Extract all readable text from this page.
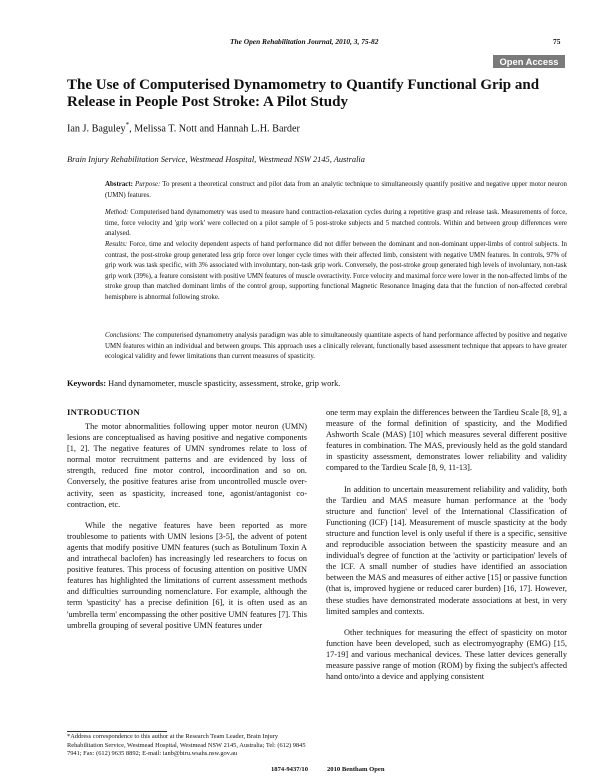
The Open Rehabilitation Journal, 2010, 3, 75-82	75
Open Access
The Use of Computerised Dynamometry to Quantify Functional Grip and Release in People Post Stroke: A Pilot Study
Ian J. Baguley*, Melissa T. Nott and Hannah L.H. Barder
Brain Injury Rehabilitation Service, Westmead Hospital, Westmead NSW 2145, Australia
Abstract: Purpose: To present a theoretical construct and pilot data from an analytic technique to simultaneously quantify positive and negative upper motor neuron (UMN) features.
Method: Computerised hand dynamometry was used to measure hand contraction-relaxation cycles during a repetitive grasp and release task. Measurements of force, time, force velocity and 'grip work' were collected on a pilot sample of 5 post-stroke subjects and 5 matched controls. Within and between group differences were analysed.
Results: Force, time and velocity dependent aspects of hand performance did not differ between the dominant and non-dominant upper-limbs of control subjects. In contrast, the post-stroke group generated less grip force over longer cycle times with their affected limb, consistent with negative UMN features. In controls, 97% of grip work was task specific, with 3% associated with involuntary, non-task grip work. Conversely, the post-stroke group generated high levels of involuntary, non-task grip work (39%), a feature consistent with positive UMN features of muscle overactivity. Force velocity and maximal force were lower in the non-affected limbs of the stroke group than matched dominant limbs of the control group, supporting functional Magnetic Resonance Imaging data that the function of non-affected cerebral hemisphere is abnormal following stroke.
Conclusions: The computerised dynamometry analysis paradigm was able to simultaneously quantitate aspects of hand performance affected by positive and negative UMN features within an individual and between groups. This approach uses a clinically relevant, functionally based assessment technique that appears to have greater ecological validity and fewer limitations than current measures of spasticity.
Keywords: Hand dynamometer, muscle spasticity, assessment, stroke, grip work.
INTRODUCTION

The motor abnormalities following upper motor neuron (UMN) lesions are conceptualised as having positive and negative components [1, 2]. The negative features of UMN syndromes relate to loss of normal motor recruitment patterns and are evidenced by loss of strength, reduced fine motor control, incoordination and so on. Conversely, the positive features arise from uncontrolled muscle over-activity, seen as spasticity, increased tone, agonist/antagonist co-contraction, etc.

While the negative features have been reported as more troublesome to patients with UMN lesions [3-5], the advent of potent agents that modify positive UMN features (such as Botulinum Toxin A and intrathecal baclofen) has increasingly led researchers to focus on positive features. This process of focusing attention on positive UMN features has highlighted the limitations of current assessment methods and difficulties surrounding nomenclature. For example, although the term 'spasticity' has a precise definition [6], it is often used as an 'umbrella term' encompassing the other positive UMN features [7]. This umbrella grouping of several positive UMN features under

one term may explain the differences between the Tardieu Scale [8, 9], a measure of the formal definition of spasticity, and the Modified Ashworth Scale (MAS) [10] which measures several different positive features in combination. The MAS, previously held as the gold standard in spasticity assessment, demonstrates lower reliability and validity compared to the Tardieu Scale [8, 9, 11-13].

In addition to uncertain measurement reliability and validity, both the Tardieu and MAS measure human performance at the 'body structure and function' level of the International Classification of Functioning (ICF) [14]. Measurement of muscle spasticity at the body structure and function level is only useful if there is a specific, sensitive and reproducible association between the spasticity measure and an individual's degree of function at the 'activity or participation' levels of the ICF. A small number of studies have identified an association between the MAS and measures of either active [15] or passive function (that is, improved hygiene or reduced carer burden) [16, 17]. However, these studies have demonstrated moderate associations at best, in very limited samples and contexts.

Other techniques for measuring the effect of spasticity on motor function have been developed, such as electromyography (EMG) [15, 17-19] and various mechanical devices. These latter devices generally measure passive range of motion (ROM) by fixing the subject's affected hand onto/into a device and applying consistent

*Address correspondence to this author at the Research Team Leader, Brain Injury Rehabilitation Service, Westmead Hospital, Westmead NSW 2145, Australia; Tel: (612) 9845 7941; Fax: (612) 9635 8892; E-mail: ianb@biru.wsahs.nsw.gov.au
1874-9437/10	2010 Bentham Open
